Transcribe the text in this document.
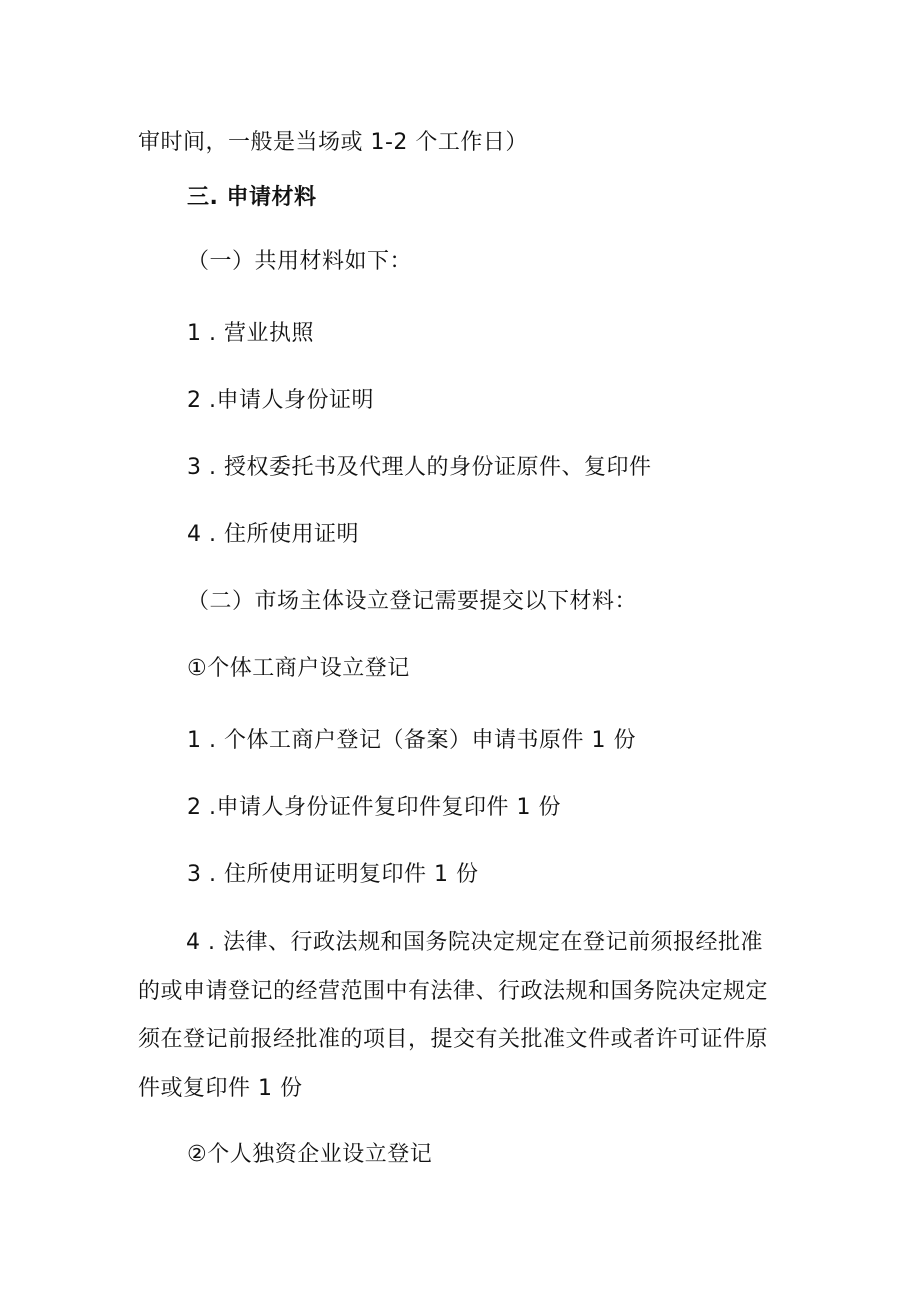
审时间，一般是当场或 1-2 个工作日）
三. 申请材料
（一）共用材料如下：
1 . 营业执照
2 .申请人身份证明
3 . 授权委托书及代理人的身份证原件、复印件
4 . 住所使用证明
（二）市场主体设立登记需要提交以下材料：
①个体工商户设立登记
1 . 个体工商户登记（备案）申请书原件 1 份
2 .申请人身份证件复印件复印件 1 份
3 . 住所使用证明复印件 1 份
4 . 法律、行政法规和国务院决定规定在登记前须报经批准
的或申请登记的经营范围中有法律、行政法规和国务院决定规定
须在登记前报经批准的项目，提交有关批准文件或者许可证件原
件或复印件 1 份
②个人独资企业设立登记
